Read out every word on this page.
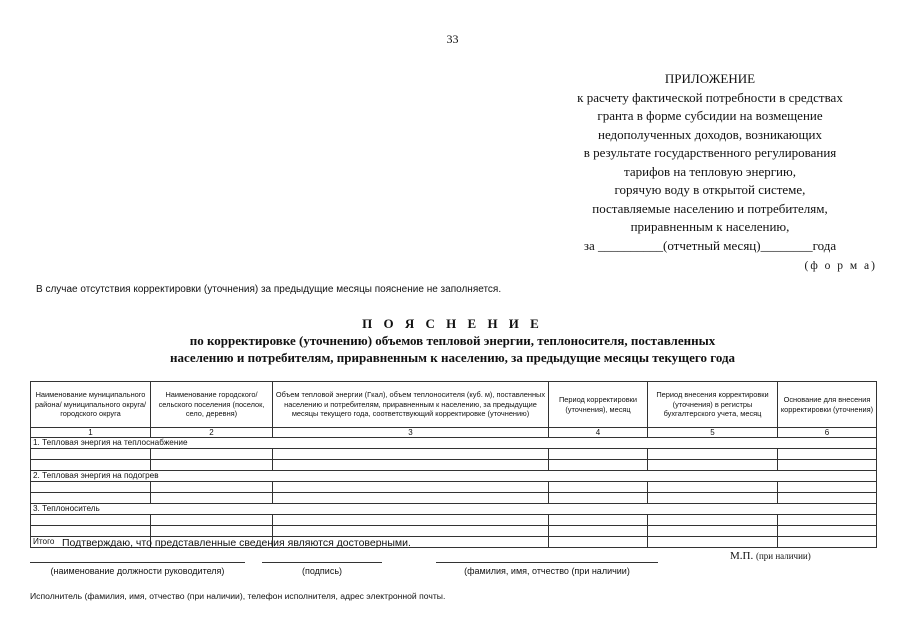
33
ПРИЛОЖЕНИЕ
к расчету фактической потребности в средствах
гранта в форме субсидии на возмещение
недополученных доходов, возникающих
в результате государственного регулирования
тарифов на тепловую энергию,
горячую воду в открытой системе,
поставляемые населению и потребителям,
приравненным к населению,
за __________(отчетный месяц)________года
(ф о р м а)
В случае отсутствия корректировки (уточнения) за предыдущие месяцы пояснение не заполняется.
П О Я С Н Е Н И Е
по корректировке (уточнению) объемов тепловой энергии, теплоносителя, поставленных
населению и потребителям, приравненным к населению, за предыдущие месяцы текущего года
Наименование муниципального района/ муниципального округа/ городского округа	Наименование городского/сельского поселения (поселок, село, деревня)	Объем тепловой энергии (Гкал), объем теплоносителя (куб. м), поставленных населению и потребителям, приравненным к населению, за предыдущие месяцы текущего года, соответствующий корректировке (уточнению)	Период корректировки (уточнения), месяц	Период внесения корректировки (уточнения) в регистры бухгалтерского учета, месяц	Основание для внесения корректировки (уточнения)
1	2	3	4	5	6
1. Тепловая энергия на теплоснабжение					

2. Тепловая энергия на подогрев					

3. Теплоноситель					

Итого					Подтверждаю, что представленные сведения являются достоверными.
(наименование должности руководителя)	(подпись)	(фамилия, имя, отчество (при наличии)
М.П. (при наличии)
Исполнитель (фамилия, имя, отчество (при наличии), телефон исполнителя, адрес электронной почты.
